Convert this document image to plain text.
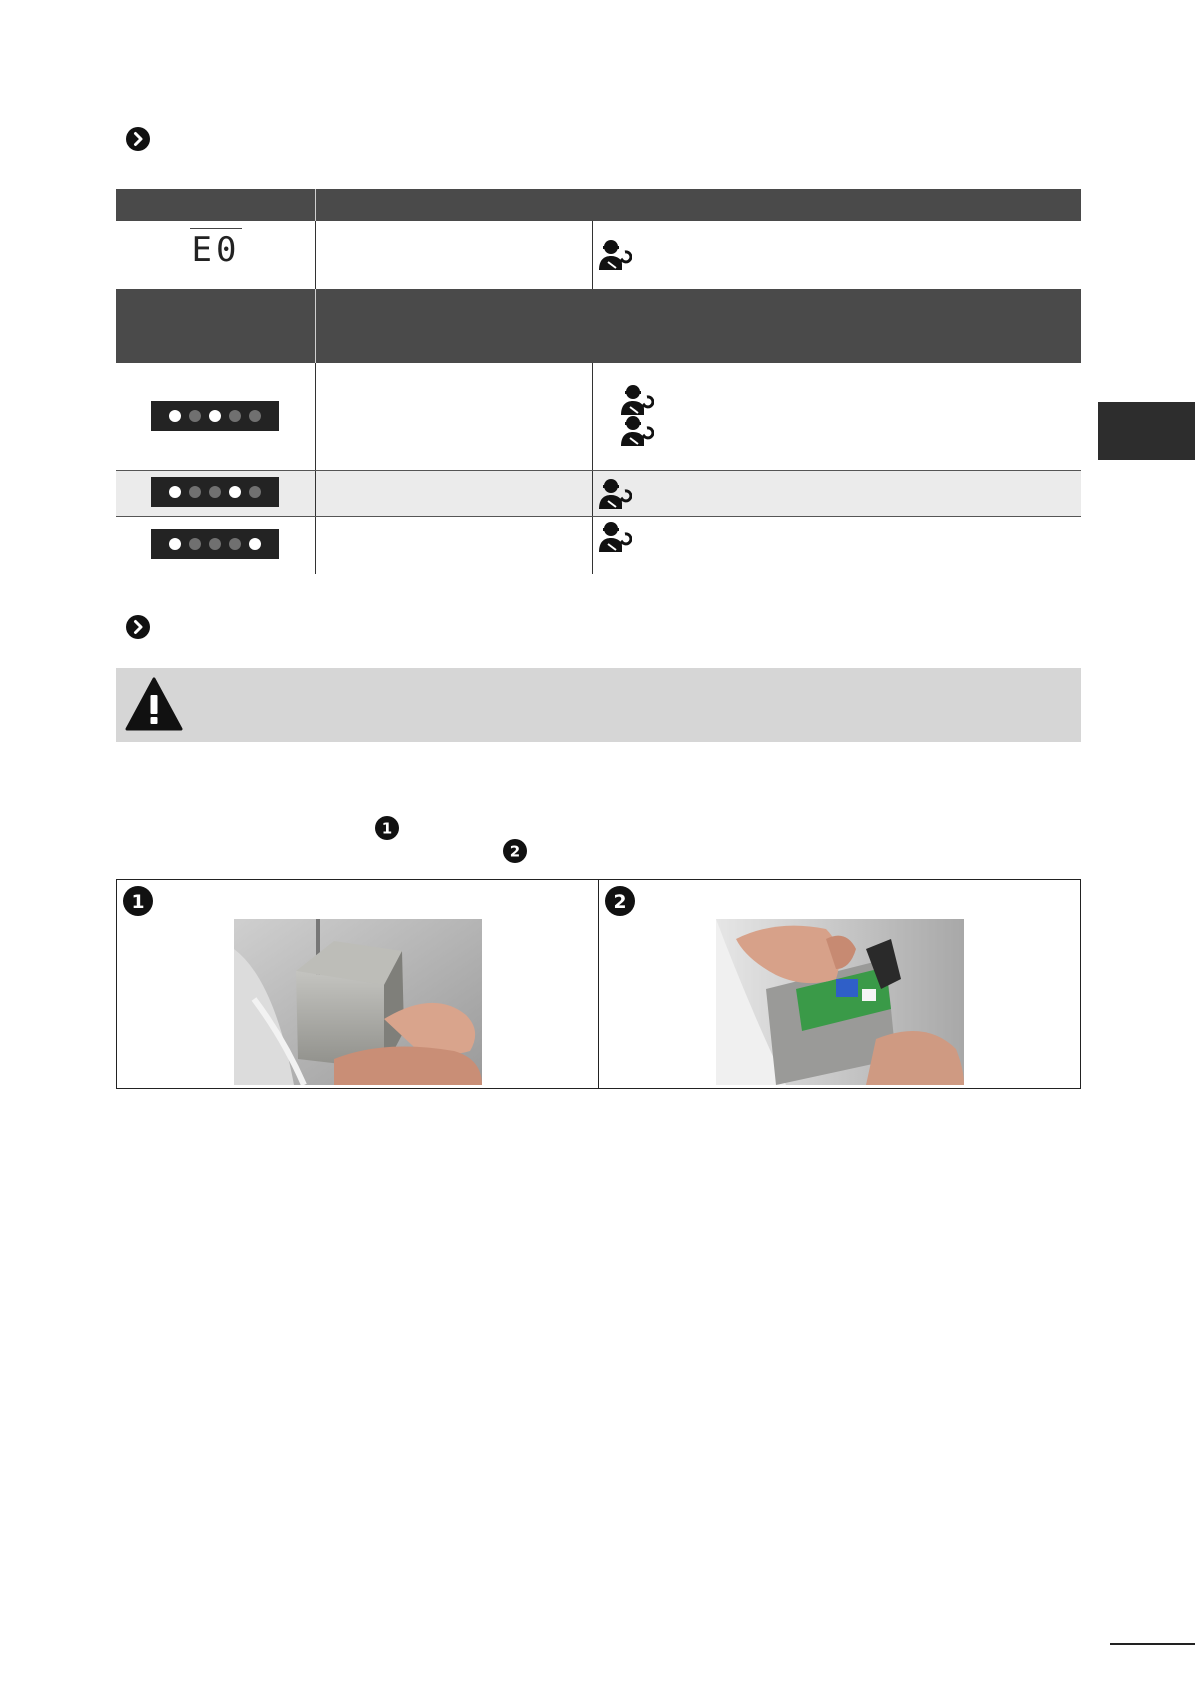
E0
1
2
1	2
